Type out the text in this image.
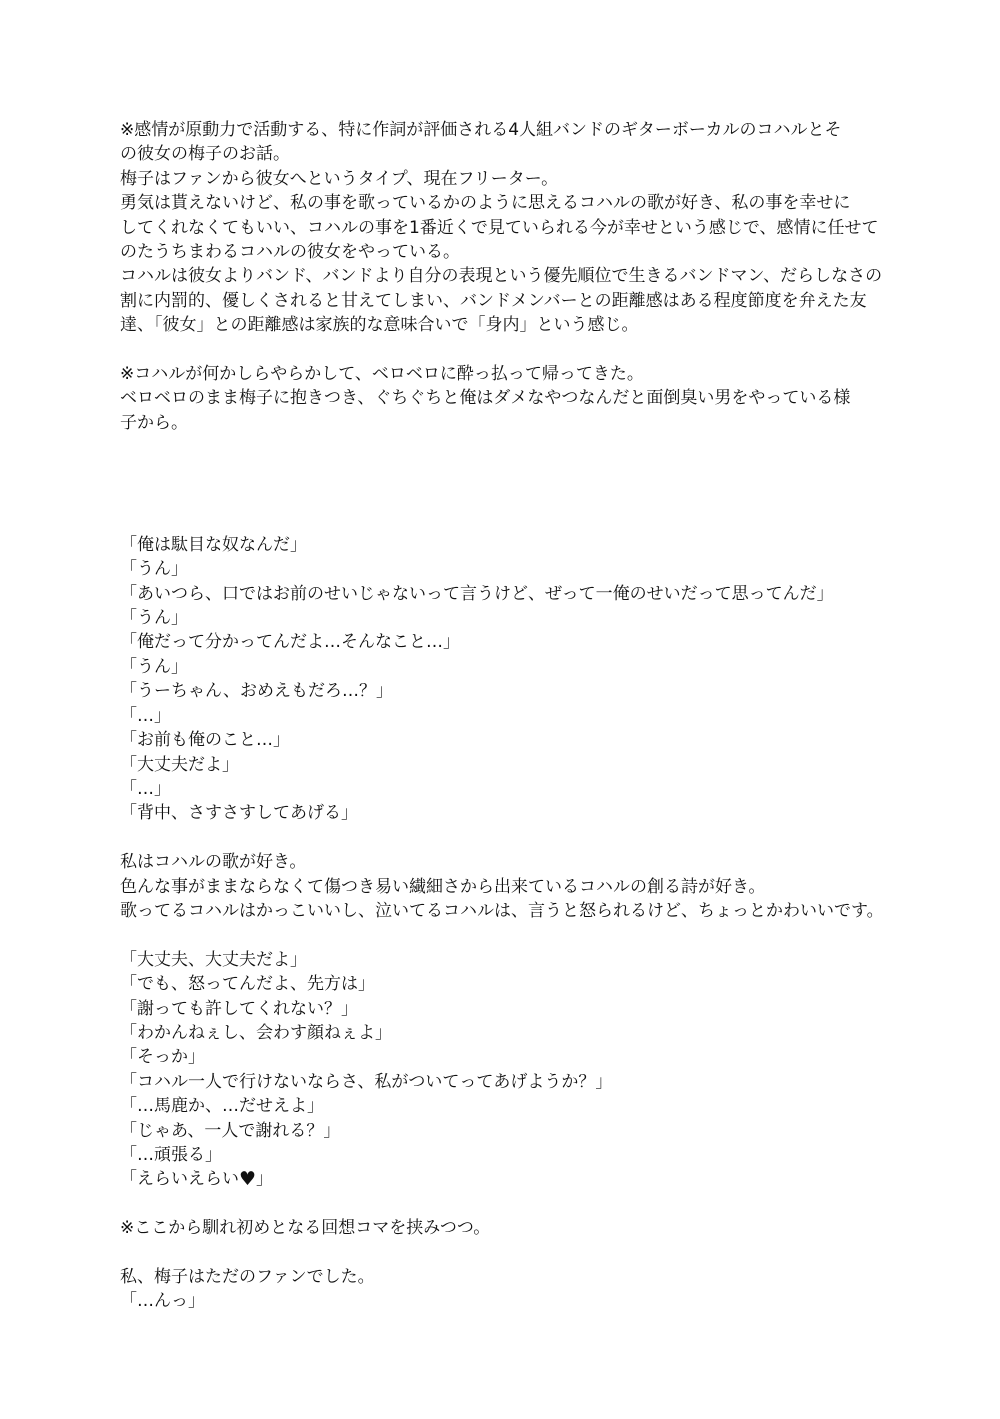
※感情が原動力で活動する、特に作詞が評価される4人組バンドのギターボーカルのコハルとそ
の彼女の梅子のお話。
梅子はファンから彼女へというタイプ、現在フリーター。
勇気は貰えないけど、私の事を歌っているかのように思えるコハルの歌が好き、私の事を幸せに
してくれなくてもいい、コハルの事を1番近くで見ていられる今が幸せという感じで、感情に任せて
のたうちまわるコハルの彼女をやっている。
コハルは彼女よりバンド、バンドより自分の表現という優先順位で生きるバンドマン、だらしなさの
割に内罰的、優しくされると甘えてしまい、バンドメンバーとの距離感はある程度節度を弁えた友
達、「彼女」との距離感は家族的な意味合いで「身内」という感じ。
※コハルが何かしらやらかして、ベロベロに酔っ払って帰ってきた。
ベロベロのまま梅子に抱きつき、ぐちぐちと俺はダメなやつなんだと面倒臭い男をやっている様
子から。
「俺は駄目な奴なんだ」
「うん」
「あいつら、口ではお前のせいじゃないって言うけど、ぜって一俺のせいだって思ってんだ」
「うん」
「俺だって分かってんだよ…そんなこと…」
「うん」
「うーちゃん、おめえもだろ…？」
「…」
「お前も俺のこと…」
「大丈夫だよ」
「…」
「背中、さすさすしてあげる」
私はコハルの歌が好き。
色んな事がままならなくて傷つき易い繊細さから出来ているコハルの創る詩が好き。
歌ってるコハルはかっこいいし、泣いてるコハルは、言うと怒られるけど、ちょっとかわいいです。
「大丈夫、大丈夫だよ」
「でも、怒ってんだよ、先方は」
「謝っても許してくれない？」
「わかんねぇし、会わす顔ねぇよ」
「そっか」
「コハル一人で行けないならさ、私がついてってあげようか？」
「…馬鹿か、…だせえよ」
「じゃあ、一人で謝れる？」
「…頑張る」
「えらいえらい♥」
※ここから馴れ初めとなる回想コマを挟みつつ。
私、梅子はただのファンでした。
「…んっ」
